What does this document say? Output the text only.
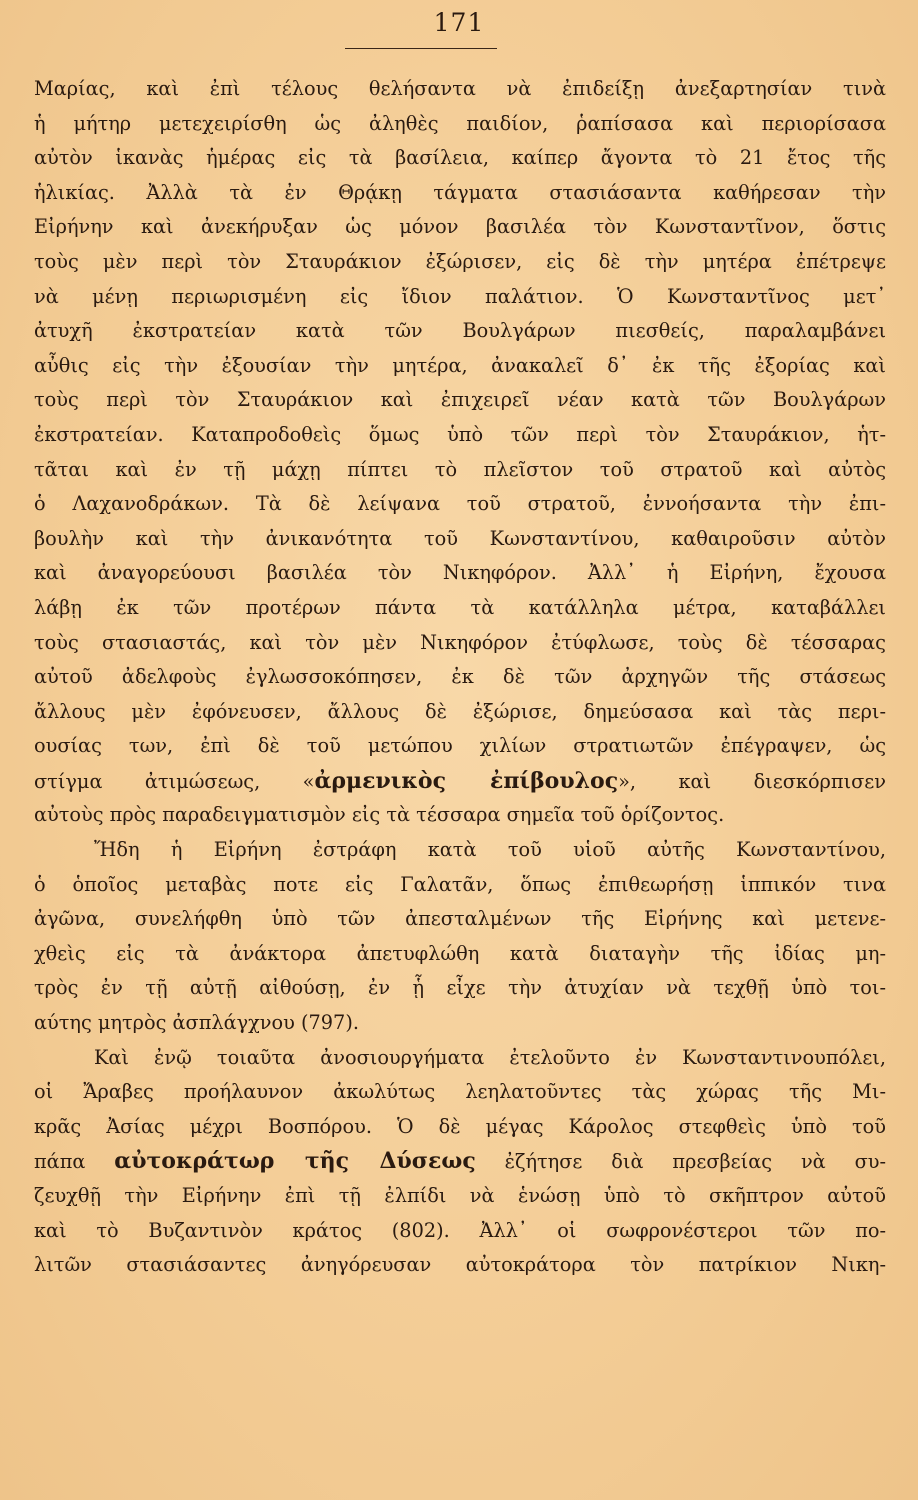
171
Μαρίας, καὶ ἐπὶ τέλους θελήσαντα νὰ ἐπιδείξῃ ἀνεξαρτησίαν τινὰ
ἡ μήτηρ μετεχειρίσθη ὡς ἀληθὲς παιδίον, ῥαπίσασα καὶ περιορίσασα
αὐτὸν ἱκανὰς ἡμέρας εἰς τὰ βασίλεια, καίπερ ἄγοντα τὸ 21 ἔτος τῆς
ἡλικίας. Ἀλλὰ τὰ ἐν Θρᾴκῃ τάγματα στασιάσαντα καθήρεσαν τὴν
Εἰρήνην καὶ ἀνεκήρυξαν ὡς μόνον βασιλέα τὸν Κωνσταντῖνον, ὅστις
τοὺς μὲν περὶ τὸν Σταυράκιον ἐξώρισεν, εἰς δὲ τὴν μητέρα ἐπέτρεψε
νὰ μένῃ περιωρισμένη εἰς ἴδιον παλάτιον. Ὁ Κωνσταντῖνος μετ᾽
ἀτυχῆ ἐκστρατείαν κατὰ τῶν Βουλγάρων πιεσθείς, παραλαμβάνει
αὖθις εἰς τὴν ἐξουσίαν τὴν μητέρα, ἀνακαλεῖ δ᾽ ἐκ τῆς ἐξορίας καὶ
τοὺς περὶ τὸν Σταυράκιον καὶ ἐπιχειρεῖ νέαν κατὰ τῶν Βουλγάρων
ἐκστρατείαν. Καταπροδοθεὶς ὅμως ὑπὸ τῶν περὶ τὸν Σταυράκιον, ἡτ-
τᾶται καὶ ἐν τῇ μάχῃ πίπτει τὸ πλεῖστον τοῦ στρατοῦ καὶ αὐτὸς
ὁ Λαχανοδράκων. Τὰ δὲ λείψανα τοῦ στρατοῦ, ἐννοήσαντα τὴν ἐπι-
βουλὴν καὶ τὴν ἀνικανότητα τοῦ Κωνσταντίνου, καθαιροῦσιν αὐτὸν
καὶ ἀναγορεύουσι βασιλέα τὸν Νικηφόρον. Ἀλλ᾽ ἡ Εἰρήνη, ἔχουσα
λάβῃ ἐκ τῶν προτέρων πάντα τὰ κατάλληλα μέτρα, καταβάλλει
τοὺς στασιαστάς, καὶ τὸν μὲν Νικηφόρον ἐτύφλωσε, τοὺς δὲ τέσσαρας
αὐτοῦ ἀδελφοὺς ἐγλωσσοκόπησεν, ἐκ δὲ τῶν ἀρχηγῶν τῆς στάσεως
ἄλλους μὲν ἐφόνευσεν, ἄλλους δὲ ἐξώρισε, δημεύσασα καὶ τὰς περι-
ουσίας των, ἐπὶ δὲ τοῦ μετώπου χιλίων στρατιωτῶν ἐπέγραψεν, ὡς
στίγμα ἀτιμώσεως, «ἀρμενικὸς ἐπίβουλος», καὶ διεσκόρπισεν
αὐτοὺς πρὸς παραδειγματισμὸν εἰς τὰ τέσσαρα σημεῖα τοῦ ὁρίζοντος.
Ἤδη ἡ Εἰρήνη ἐστράφη κατὰ τοῦ υἱοῦ αὐτῆς Κωνσταντίνου,
ὁ ὁποῖος μεταβὰς ποτε εἰς Γαλατᾶν, ὅπως ἐπιθεωρήσῃ ἱππικόν τινα
ἀγῶνα, συνελήφθη ὑπὸ τῶν ἀπεσταλμένων τῆς Εἰρήνης καὶ μετενε-
χθεὶς εἰς τὰ ἀνάκτορα ἀπετυφλώθη κατὰ διαταγὴν τῆς ἰδίας μη-
τρὸς ἐν τῇ αὐτῇ αἰθούσῃ, ἐν ᾗ εἶχε τὴν ἀτυχίαν νὰ τεχθῇ ὑπὸ τοι-
αύτης μητρὸς ἀσπλάγχνου (797).
Καὶ ἐνῷ τοιαῦτα ἀνοσιουργήματα ἐτελοῦντο ἐν Κωνσταντινουπόλει,
οἱ Ἄραβες προήλαυνον ἀκωλύτως λεηλατοῦντες τὰς χώρας τῆς Μι-
κρᾶς Ἀσίας μέχρι Βοσπόρου. Ὁ δὲ μέγας Κάρολος στεφθεὶς ὑπὸ τοῦ
πάπα αὐτοκράτωρ τῆς Δύσεως ἐζήτησε διὰ πρεσβείας νὰ συ-
ζευχθῇ τὴν Εἰρήνην ἐπὶ τῇ ἐλπίδι νὰ ἑνώσῃ ὑπὸ τὸ σκῆπτρον αὐτοῦ
καὶ τὸ Βυζαντινὸν κράτος (802). Ἀλλ᾽ οἱ σωφρονέστεροι τῶν πο-
λιτῶν στασιάσαντες ἀνηγόρευσαν αὐτοκράτορα τὸν πατρίκιον Νικη-
